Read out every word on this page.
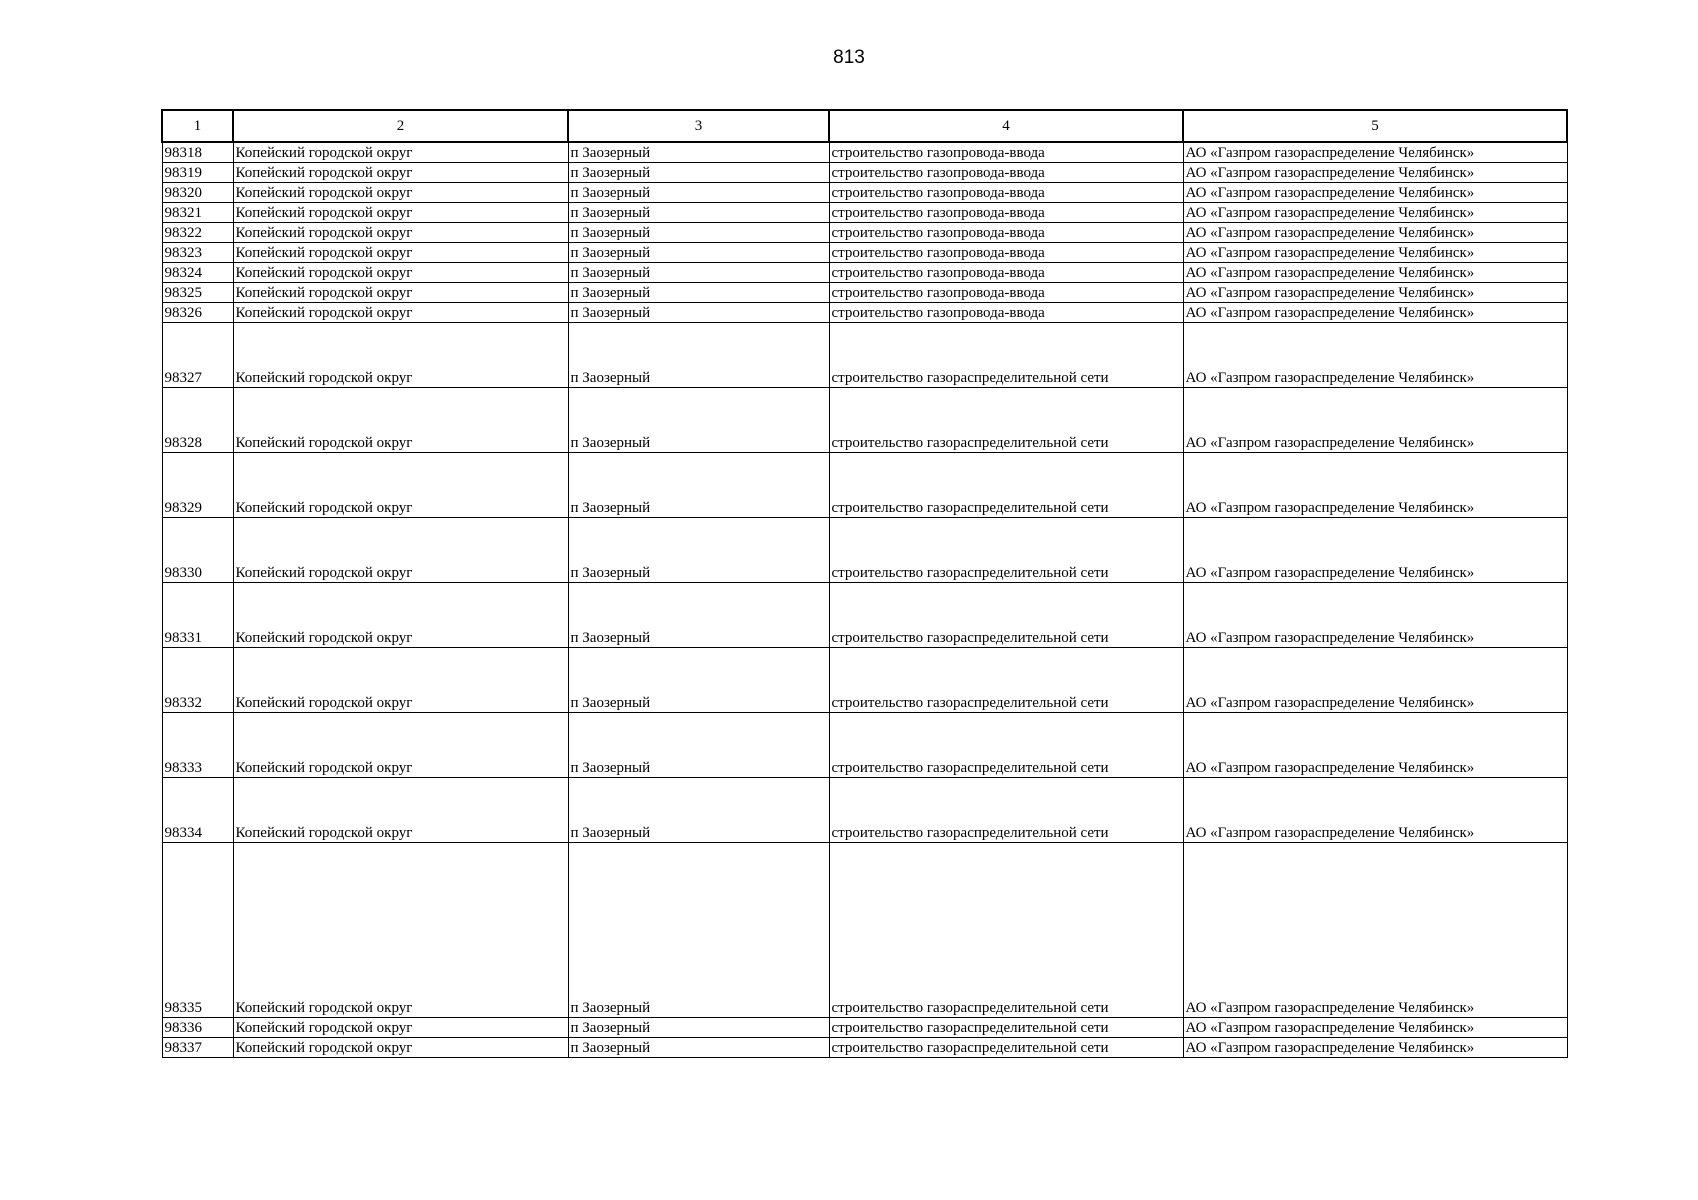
813
1	2	3	4	5
98318	Копейский городской округ	п Заозерный	строительство газопровода-ввода	АО «Газпром газораспределение Челябинск»
98319	Копейский городской округ	п Заозерный	строительство газопровода-ввода	АО «Газпром газораспределение Челябинск»
98320	Копейский городской округ	п Заозерный	строительство газопровода-ввода	АО «Газпром газораспределение Челябинск»
98321	Копейский городской округ	п Заозерный	строительство газопровода-ввода	АО «Газпром газораспределение Челябинск»
98322	Копейский городской округ	п Заозерный	строительство газопровода-ввода	АО «Газпром газораспределение Челябинск»
98323	Копейский городской округ	п Заозерный	строительство газопровода-ввода	АО «Газпром газораспределение Челябинск»
98324	Копейский городской округ	п Заозерный	строительство газопровода-ввода	АО «Газпром газораспределение Челябинск»
98325	Копейский городской округ	п Заозерный	строительство газопровода-ввода	АО «Газпром газораспределение Челябинск»
98326	Копейский городской округ	п Заозерный	строительство газопровода-ввода	АО «Газпром газораспределение Челябинск»
98327	Копейский городской округ	п Заозерный	строительство газораспределительной сети	АО «Газпром газораспределение Челябинск»
98328	Копейский городской округ	п Заозерный	строительство газораспределительной сети	АО «Газпром газораспределение Челябинск»
98329	Копейский городской округ	п Заозерный	строительство газораспределительной сети	АО «Газпром газораспределение Челябинск»
98330	Копейский городской округ	п Заозерный	строительство газораспределительной сети	АО «Газпром газораспределение Челябинск»
98331	Копейский городской округ	п Заозерный	строительство газораспределительной сети	АО «Газпром газораспределение Челябинск»
98332	Копейский городской округ	п Заозерный	строительство газораспределительной сети	АО «Газпром газораспределение Челябинск»
98333	Копейский городской округ	п Заозерный	строительство газораспределительной сети	АО «Газпром газораспределение Челябинск»
98334	Копейский городской округ	п Заозерный	строительство газораспределительной сети	АО «Газпром газораспределение Челябинск»
98335	Копейский городской округ	п Заозерный	строительство газораспределительной сети	АО «Газпром газораспределение Челябинск»
98336	Копейский городской округ	п Заозерный	строительство газораспределительной сети	АО «Газпром газораспределение Челябинск»
98337	Копейский городской округ	п Заозерный	строительство газораспределительной сети	АО «Газпром газораспределение Челябинск»
